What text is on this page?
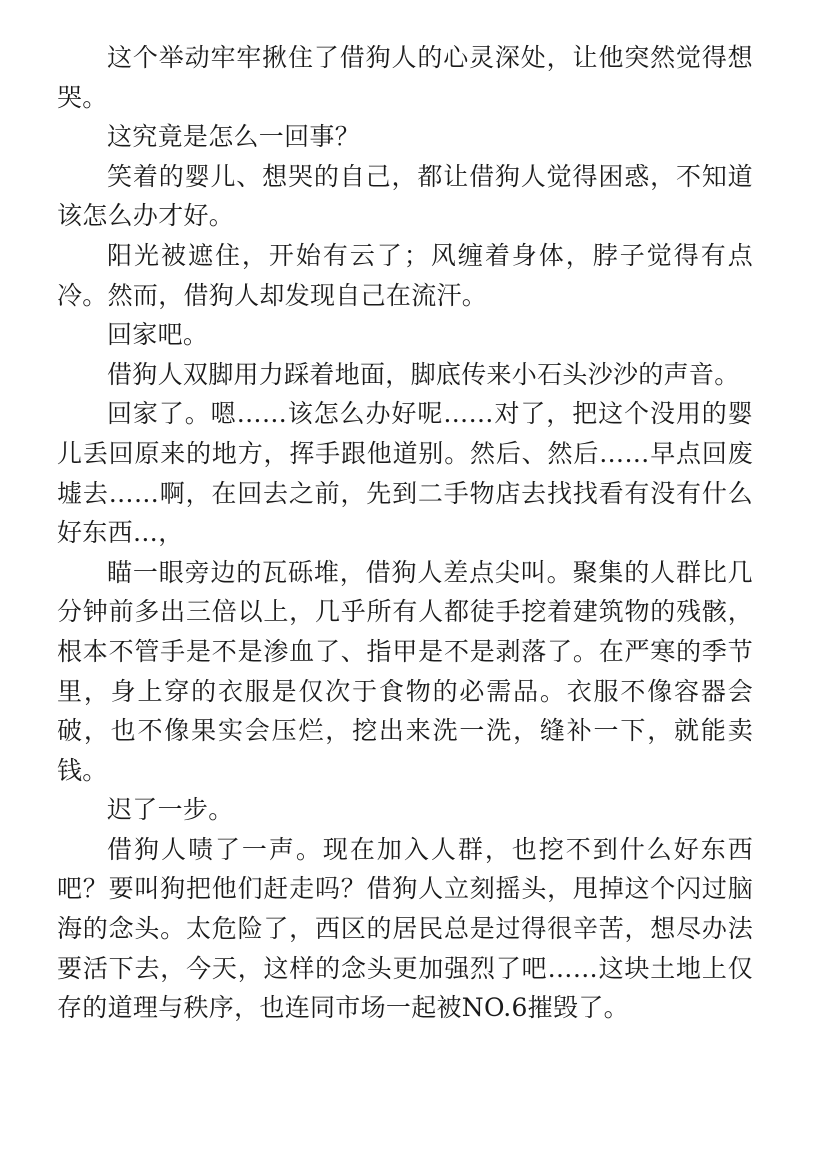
这个举动牢牢揪住了借狗人的心灵深处，让他突然觉得想哭。

这究竟是怎么一回事？

笑着的婴儿、想哭的自己，都让借狗人觉得困惑，不知道该怎么办才好。

阳光被遮住，开始有云了；风缠着身体，脖子觉得有点冷。然而，借狗人却发现自己在流汗。

回家吧。

借狗人双脚用力踩着地面，脚底传来小石头沙沙的声音。

回家了。嗯……该怎么办好呢……对了，把这个没用的婴儿丢回原来的地方，挥手跟他道别。然后、然后……早点回废墟去……啊，在回去之前，先到二手物店去找找看有没有什么好东西…，

瞄一眼旁边的瓦砾堆，借狗人差点尖叫。聚集的人群比几分钟前多出三倍以上，几乎所有人都徒手挖着建筑物的残骸，根本不管手是不是渗血了、指甲是不是剥落了。在严寒的季节里，身上穿的衣服是仅次于食物的必需品。衣服不像容器会破，也不像果实会压烂，挖出来洗一洗，缝补一下，就能卖钱。

迟了一步。

借狗人啧了一声。现在加入人群，也挖不到什么好东西吧？要叫狗把他们赶走吗？借狗人立刻摇头，甩掉这个闪过脑海的念头。太危险了，西区的居民总是过得很辛苦，想尽办法要活下去，今天，这样的念头更加强烈了吧……这块土地上仅存的道理与秩序，也连同市场一起被NO.6摧毁了。
